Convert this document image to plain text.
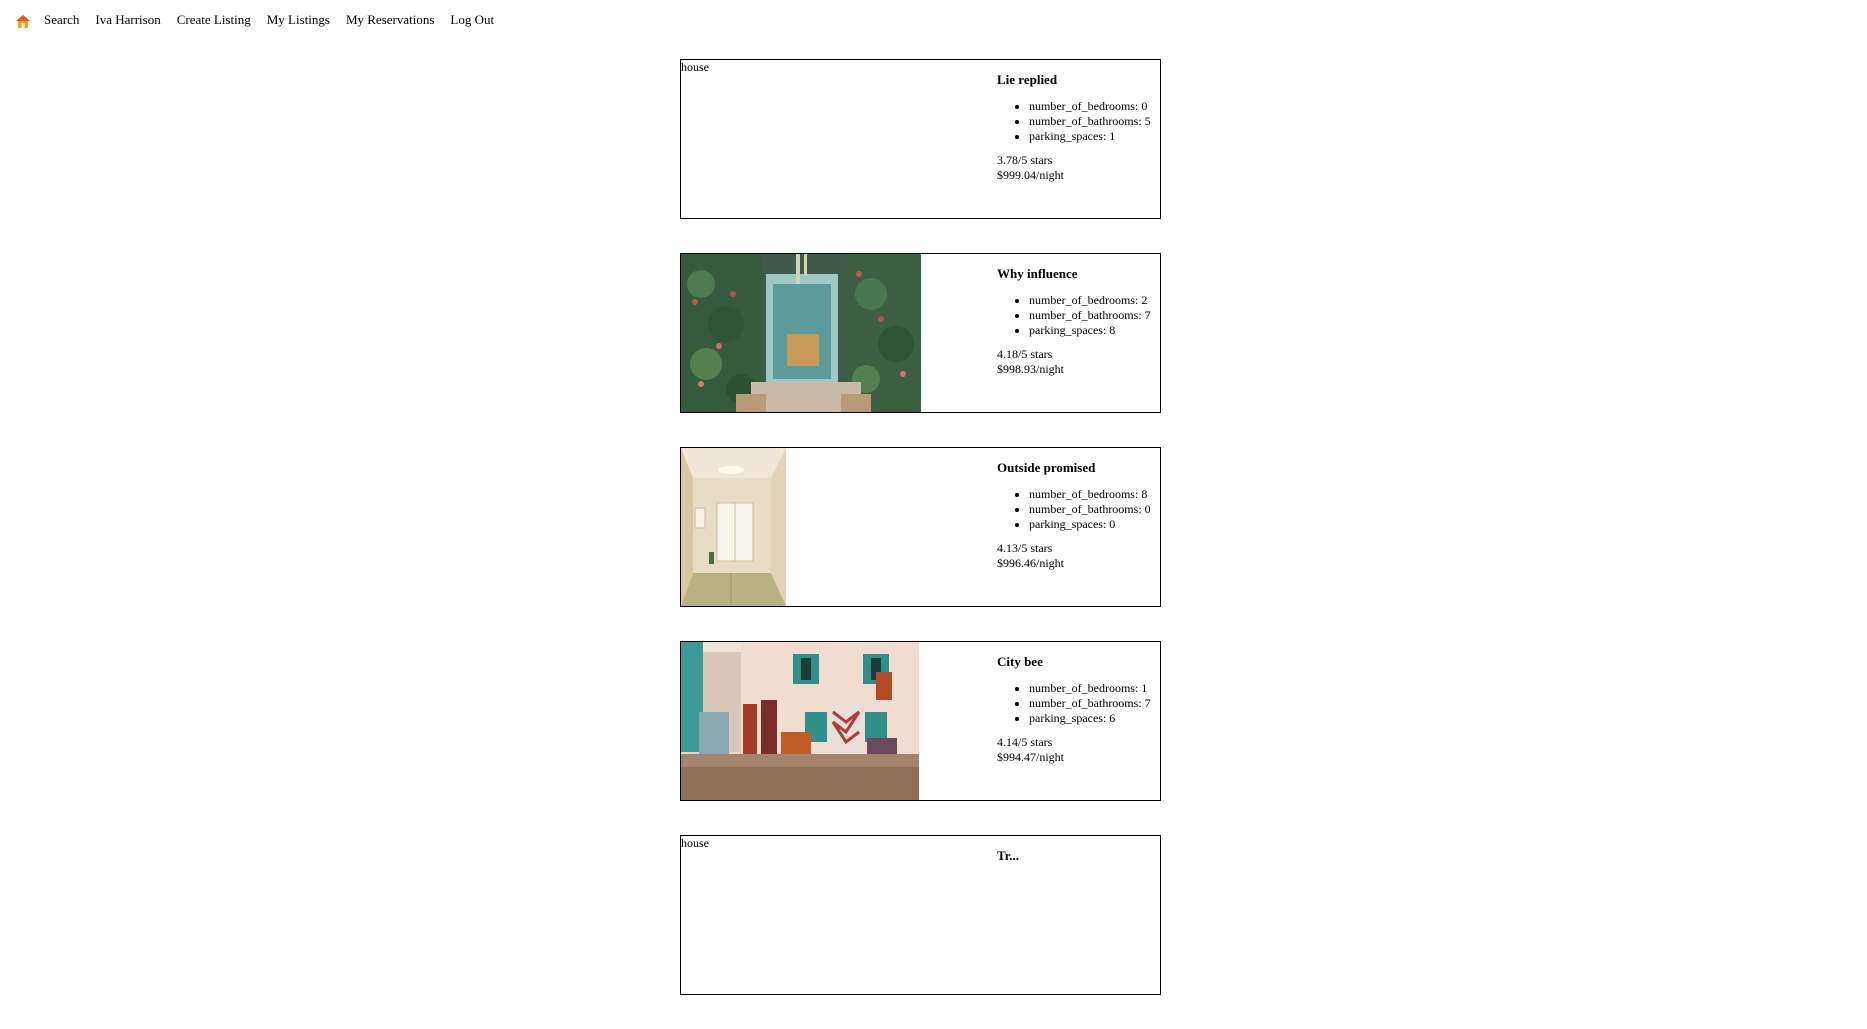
Search Iva Harrison Create Listing My Listings My Reservations Log Out
house
Lie replied
• number_of_bedrooms: 0
• number_of_bathrooms: 5
• parking_spaces: 1
3.78/5 stars
$999.04/night
Why influence
• number_of_bedrooms: 2
• number_of_bathrooms: 7
• parking_spaces: 8
4.18/5 stars
$998.93/night
Outside promised
• number_of_bedrooms: 8
• number_of_bathrooms: 0
• parking_spaces: 0
4.13/5 stars
$996.46/night
City bee
• number_of_bedrooms: 1
• number_of_bathrooms: 7
• parking_spaces: 6
4.14/5 stars
$994.47/night
house
Tr...
